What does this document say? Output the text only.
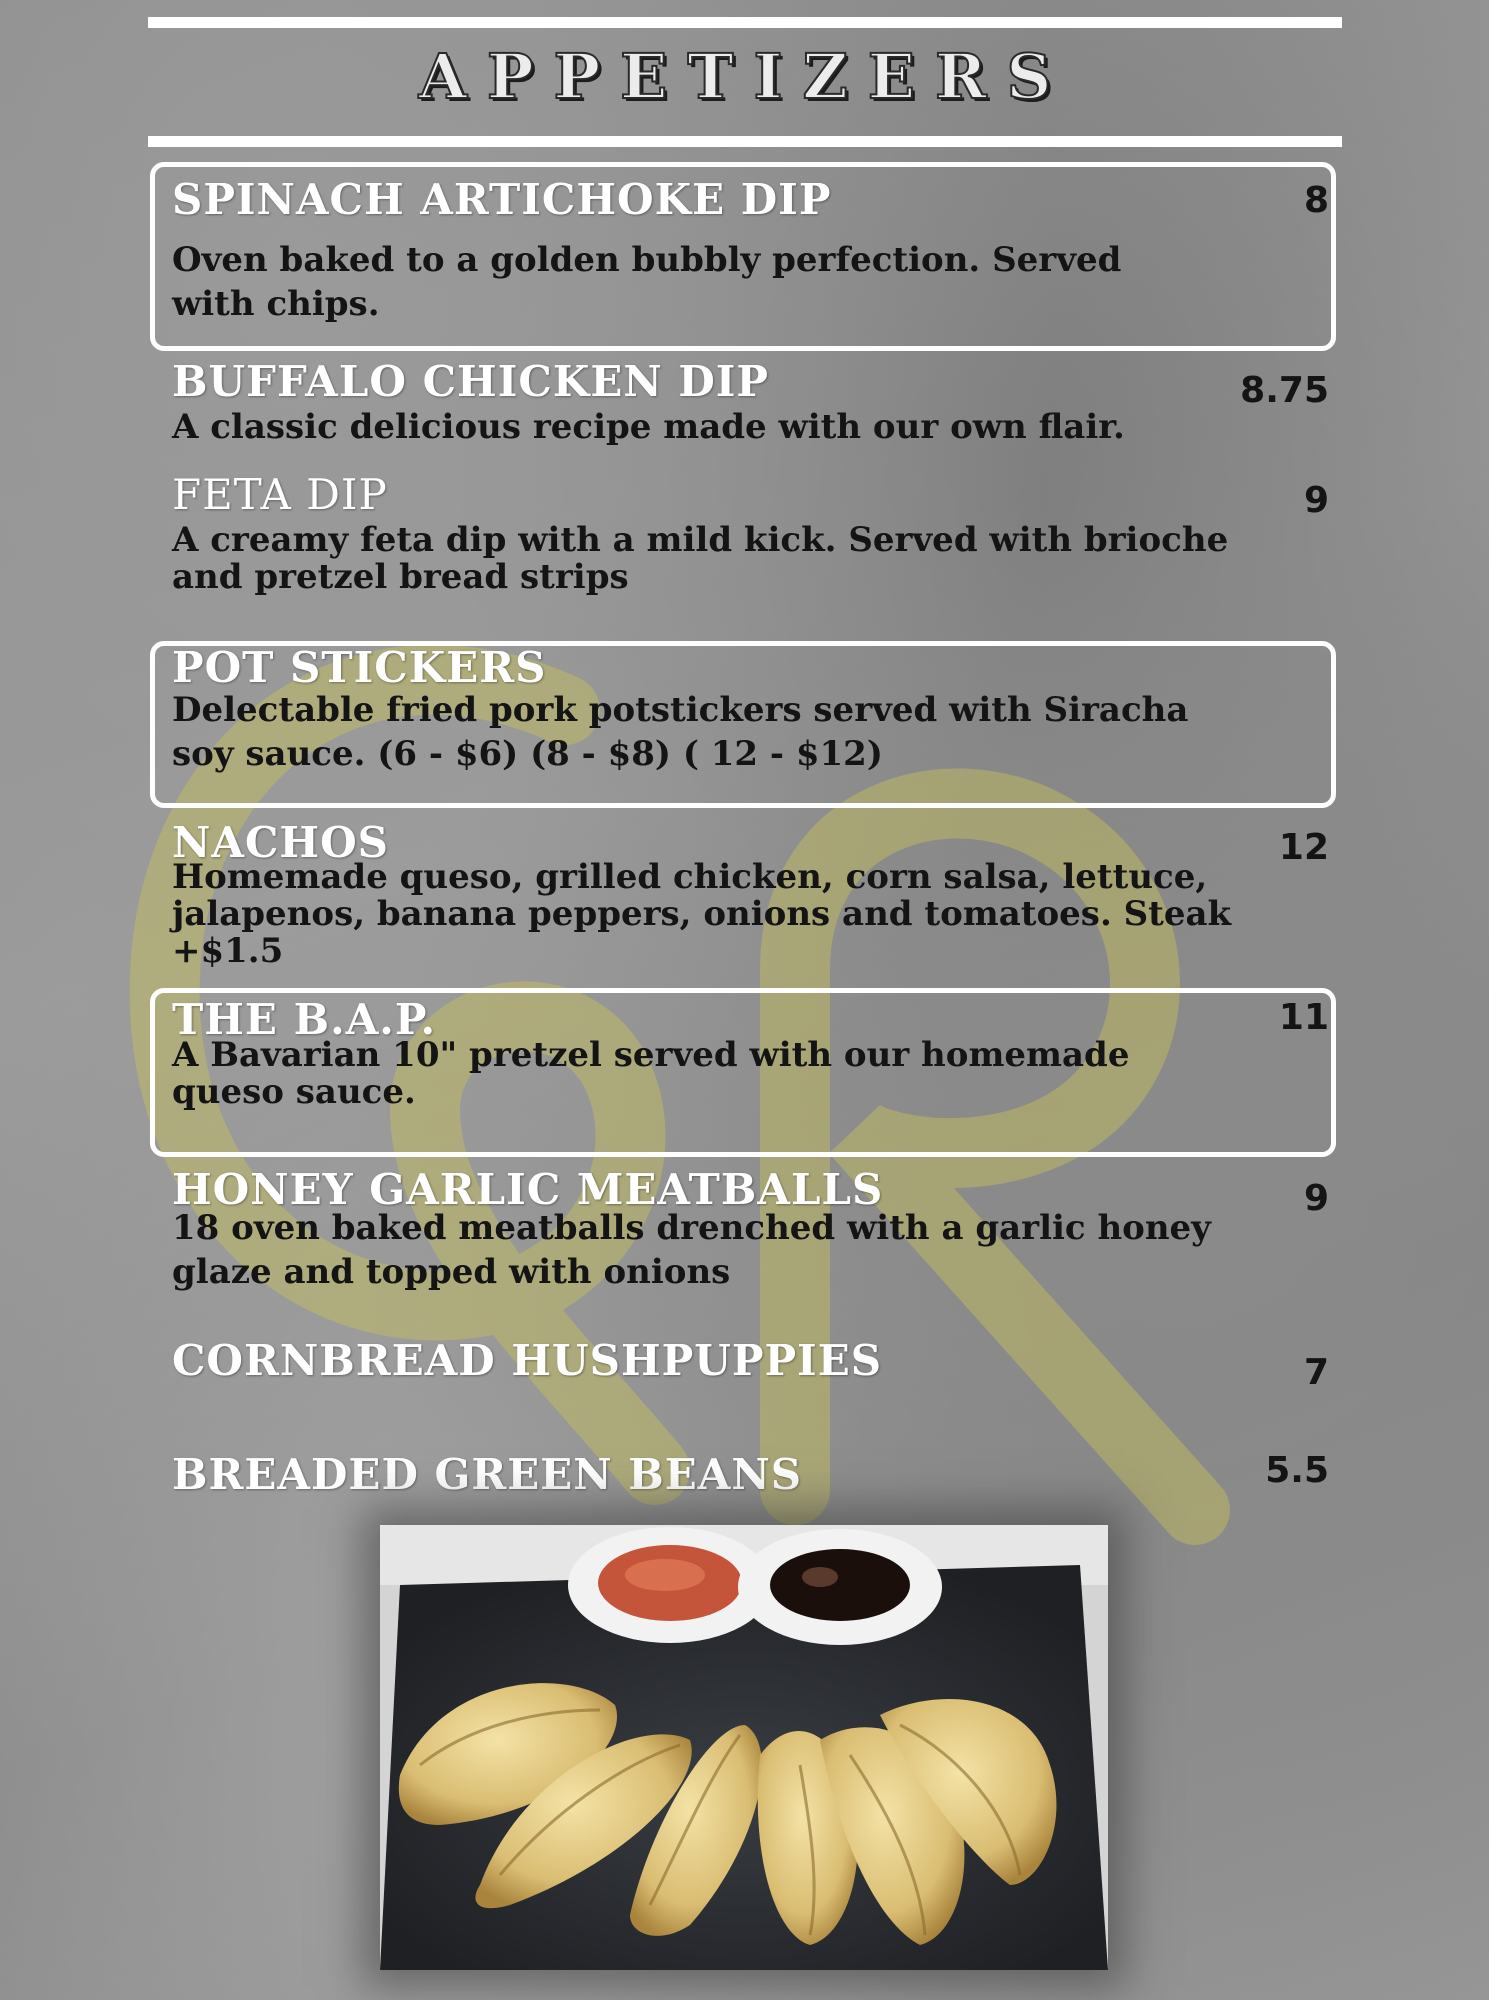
APPETIZERS
SPINACH ARTICHOKE DIP	8
Oven baked to a golden bubbly perfection. Served with chips.
BUFFALO CHICKEN DIP	8.75
A classic delicious recipe made with our own flair.
FETA DIP	9
A creamy feta dip with a mild kick. Served with brioche and pretzel bread strips
POT STICKERS
Delectable fried pork potstickers served with Siracha soy sauce. (6 - $6) (8 - $8) ( 12 - $12)
NACHOS	12
Homemade queso, grilled chicken, corn salsa, lettuce, jalapenos, banana peppers, onions and tomatoes. Steak +$1.5
THE B.A.P.	11
A Bavarian 10" pretzel served with our homemade queso sauce.
HONEY GARLIC MEATBALLS	9
18 oven baked meatballs drenched with a garlic honey glaze and topped with onions
CORNBREAD HUSHPUPPIES	7
BREADED GREEN BEANS	5.5
